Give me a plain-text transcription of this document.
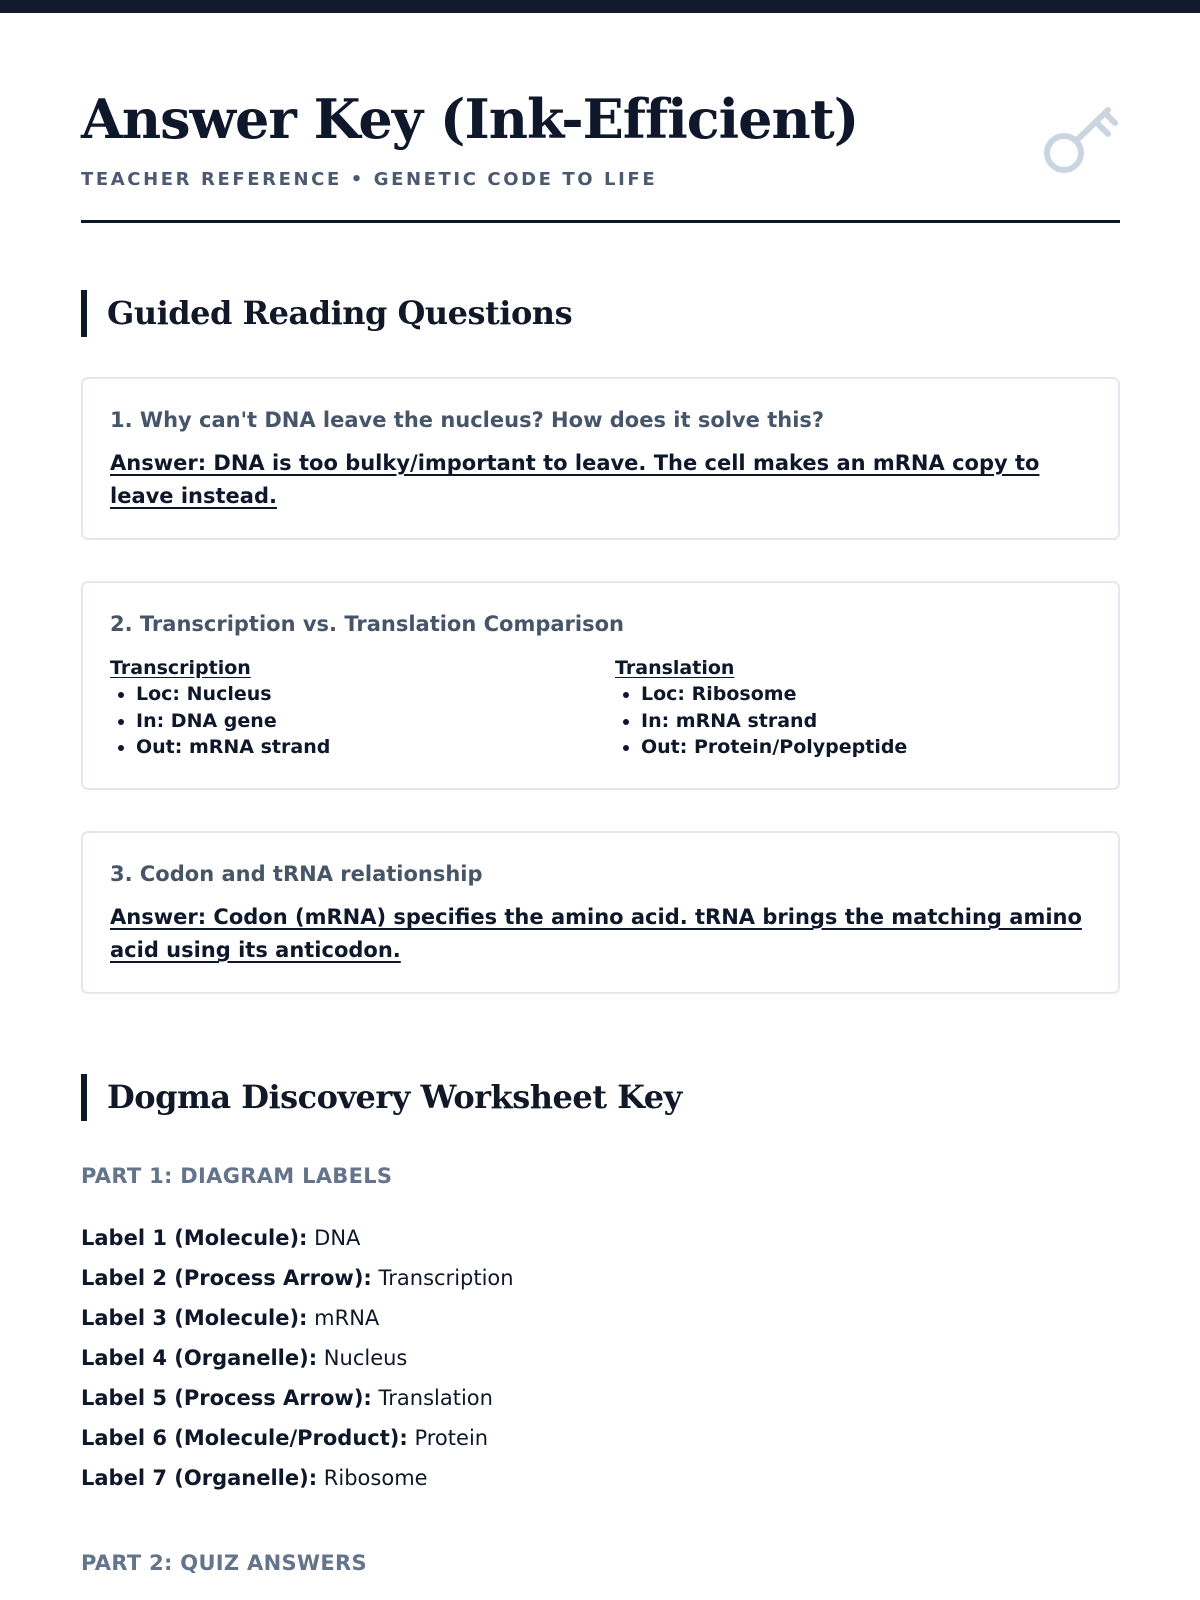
Answer Key (Ink-Efficient)
TEACHER REFERENCE • GENETIC CODE TO LIFE
Guided Reading Questions
1. Why can't DNA leave the nucleus? How does it solve this?
Answer: DNA is too bulky/important to leave. The cell makes an mRNA copy to leave instead.
2. Transcription vs. Translation Comparison
Transcription
• Loc: Nucleus
• In: DNA gene
• Out: mRNA strand
Translation
• Loc: Ribosome
• In: mRNA strand
• Out: Protein/Polypeptide
3. Codon and tRNA relationship
Answer: Codon (mRNA) specifies the amino acid. tRNA brings the matching amino acid using its anticodon.
Dogma Discovery Worksheet Key
PART 1: DIAGRAM LABELS
Label 1 (Molecule): DNA
Label 2 (Process Arrow): Transcription
Label 3 (Molecule): mRNA
Label 4 (Organelle): Nucleus
Label 5 (Process Arrow): Translation
Label 6 (Molecule/Product): Protein
Label 7 (Organelle): Ribosome
PART 2: QUIZ ANSWERS
